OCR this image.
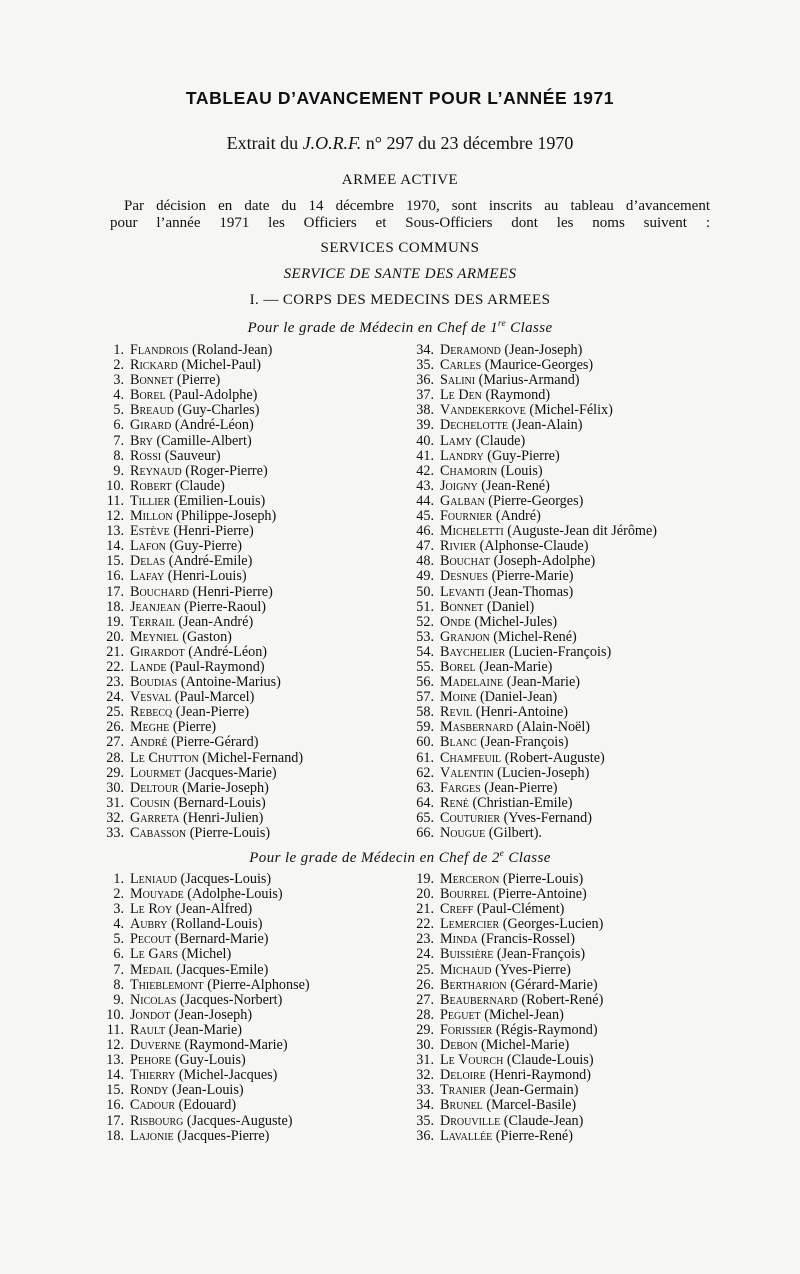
TABLEAU D’AVANCEMENT POUR L’ANNÉE 1971
Extrait du J.O.R.F. n° 297 du 23 décembre 1970
ARMEE ACTIVE
Par décision en date du 14 décembre 1970, sont inscrits au tableau d’avancement
pour l’année 1971 les Officiers et Sous-Officiers dont les noms suivent :
SERVICES COMMUNS
SERVICE DE SANTE DES ARMEES
I. — CORPS DES MEDECINS DES ARMEES
Pour le grade de Médecin en Chef de 1re Classe
1. Flandrois (Roland-Jean)
2. Rickard (Michel-Paul)
3. Bonnet (Pierre)
4. Borel (Paul-Adolphe)
5. Breaud (Guy-Charles)
6. Girard (André-Léon)
7. Bry (Camille-Albert)
8. Rossi (Sauveur)
9. Reynaud (Roger-Pierre)
10. Robert (Claude)
11. Tillier (Emilien-Louis)
12. Millon (Philippe-Joseph)
13. Estève (Henri-Pierre)
14. Lafon (Guy-Pierre)
15. Delas (André-Emile)
16. Lafay (Henri-Louis)
17. Bouchard (Henri-Pierre)
18. Jeanjean (Pierre-Raoul)
19. Terrail (Jean-André)
20. Meyniel (Gaston)
21. Girardot (André-Léon)
22. Lande (Paul-Raymond)
23. Boudias (Antoine-Marius)
24. Vesval (Paul-Marcel)
25. Rebecq (Jean-Pierre)
26. Meghe (Pierre)
27. André (Pierre-Gérard)
28. Le Chutton (Michel-Fernand)
29. Lourmet (Jacques-Marie)
30. Deltour (Marie-Joseph)
31. Cousin (Bernard-Louis)
32. Garreta (Henri-Julien)
33. Cabasson (Pierre-Louis)
34. Deramond (Jean-Joseph)
35. Carles (Maurice-Georges)
36. Salini (Marius-Armand)
37. Le Den (Raymond)
38. Vandekerkove (Michel-Félix)
39. Dechelotte (Jean-Alain)
40. Lamy (Claude)
41. Landry (Guy-Pierre)
42. Chamorin (Louis)
43. Joigny (Jean-René)
44. Galban (Pierre-Georges)
45. Fournier (André)
46. Micheletti (Auguste-Jean dit Jérôme)
47. Rivier (Alphonse-Claude)
48. Bouchat (Joseph-Adolphe)
49. Desnues (Pierre-Marie)
50. Levanti (Jean-Thomas)
51. Bonnet (Daniel)
52. Onde (Michel-Jules)
53. Granjon (Michel-René)
54. Baychelier (Lucien-François)
55. Borel (Jean-Marie)
56. Madelaine (Jean-Marie)
57. Moine (Daniel-Jean)
58. Revil (Henri-Antoine)
59. Masbernard (Alain-Noël)
60. Blanc (Jean-François)
61. Chamfeuil (Robert-Auguste)
62. Valentin (Lucien-Joseph)
63. Farges (Jean-Pierre)
64. René (Christian-Emile)
65. Couturier (Yves-Fernand)
66. Nougue (Gilbert).
Pour le grade de Médecin en Chef de 2e Classe
1. Leniaud (Jacques-Louis)
2. Mouyade (Adolphe-Louis)
3. Le Roy (Jean-Alfred)
4. Aubry (Rolland-Louis)
5. Pecout (Bernard-Marie)
6. Le Gars (Michel)
7. Medail (Jacques-Emile)
8. Thieblemont (Pierre-Alphonse)
9. Nicolas (Jacques-Norbert)
10. Jondot (Jean-Joseph)
11. Rault (Jean-Marie)
12. Duverne (Raymond-Marie)
13. Pehore (Guy-Louis)
14. Thierry (Michel-Jacques)
15. Rondy (Jean-Louis)
16. Cadour (Edouard)
17. Risbourg (Jacques-Auguste)
18. Lajonie (Jacques-Pierre)
19. Merceron (Pierre-Louis)
20. Bourrel (Pierre-Antoine)
21. Creff (Paul-Clément)
22. Lemercier (Georges-Lucien)
23. Minda (Francis-Rossel)
24. Buissière (Jean-François)
25. Michaud (Yves-Pierre)
26. Bertharion (Gérard-Marie)
27. Beaubernard (Robert-René)
28. Peguet (Michel-Jean)
29. Forissier (Régis-Raymond)
30. Debon (Michel-Marie)
31. Le Vourch (Claude-Louis)
32. Deloire (Henri-Raymond)
33. Tranier (Jean-Germain)
34. Brunel (Marcel-Basile)
35. Drouville (Claude-Jean)
36. Lavallée (Pierre-René)
